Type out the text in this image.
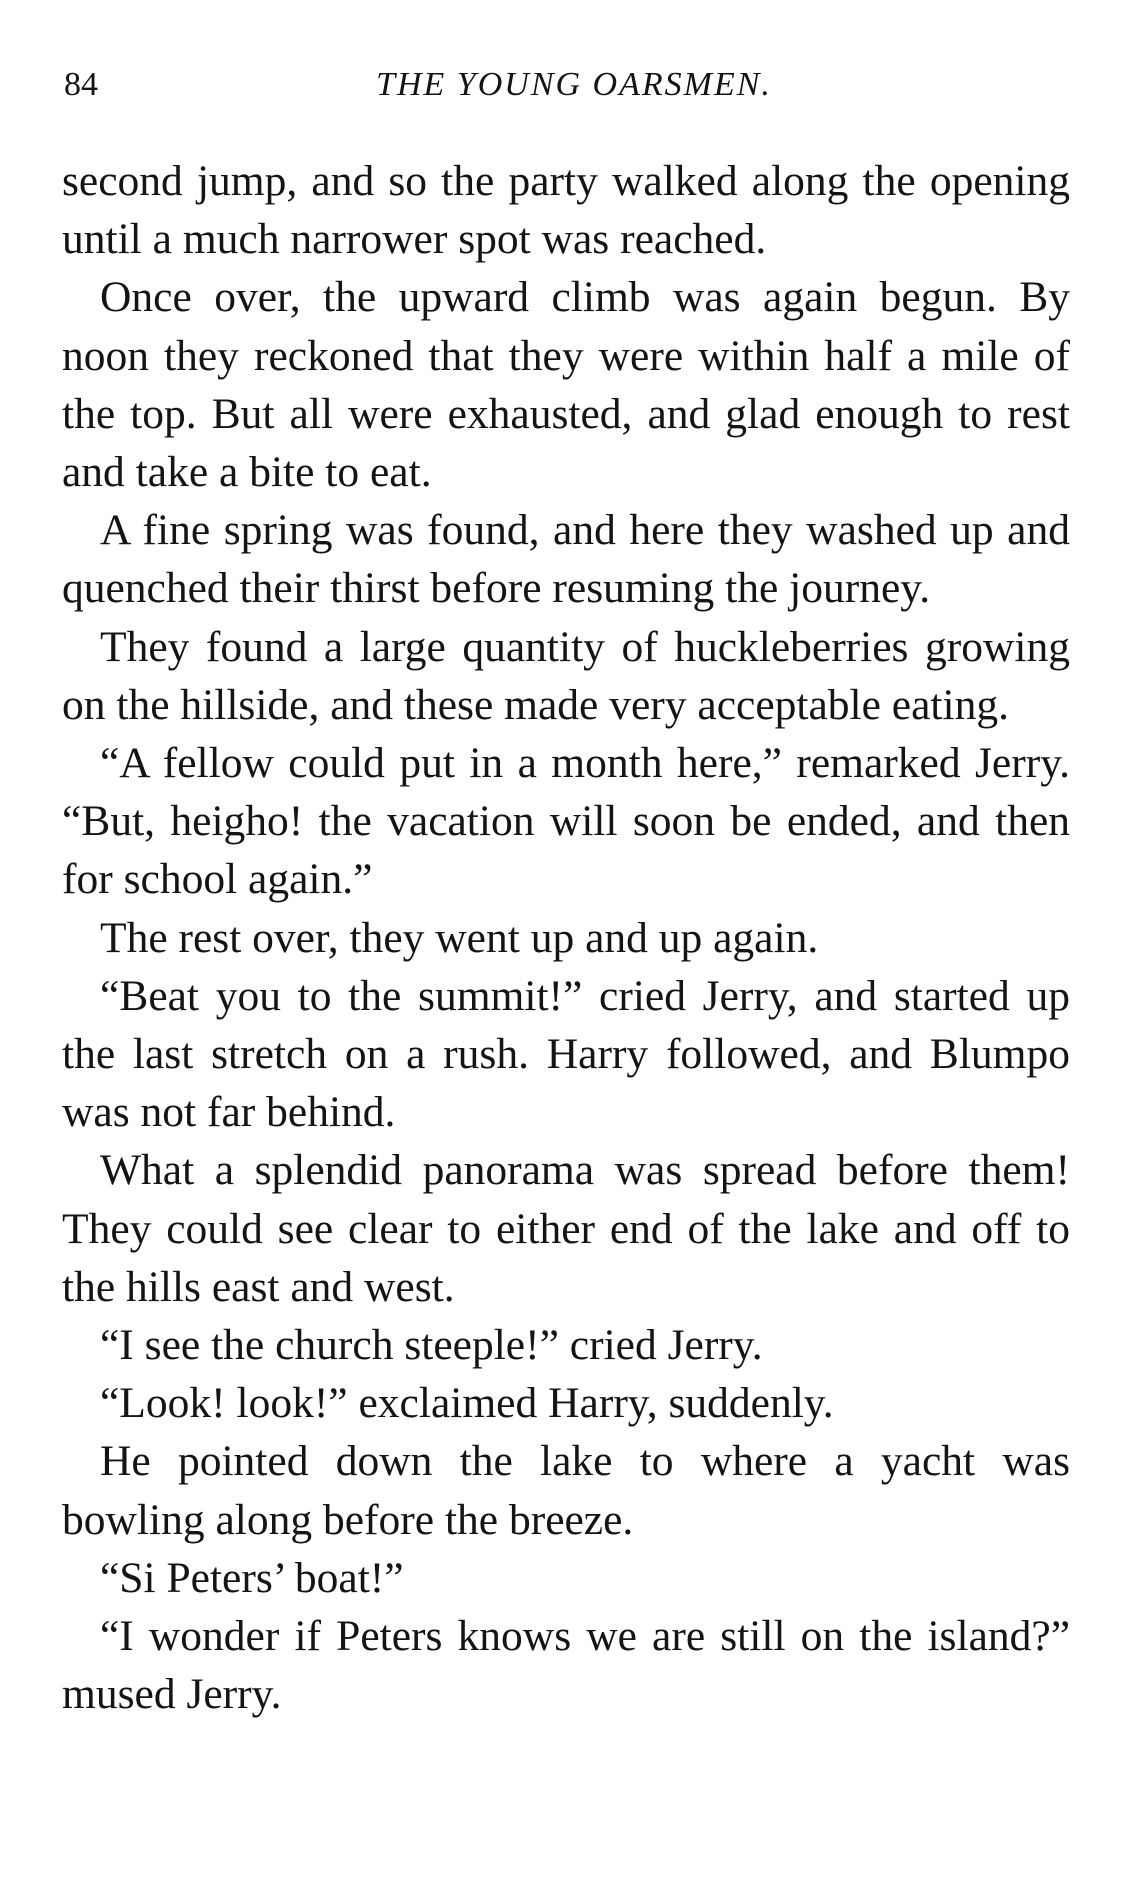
84	THE YOUNG OARSMEN.

second jump, and so the party walked along the opening until a much narrower spot was reached.

Once over, the upward climb was again begun. By noon they reckoned that they were within half a mile of the top. But all were exhausted, and glad enough to rest and take a bite to eat.

A fine spring was found, and here they washed up and quenched their thirst before resuming the journey.

They found a large quantity of huckleberries growing on the hillside, and these made very acceptable eating.

“A fellow could put in a month here,” remarked Jerry. “But, heigho! the vacation will soon be ended, and then for school again.”

The rest over, they went up and up again.

“Beat you to the summit!” cried Jerry, and started up the last stretch on a rush. Harry followed, and Blumpo was not far behind.

What a splendid panorama was spread before them! They could see clear to either end of the lake and off to the hills east and west.

“I see the church steeple!” cried Jerry.

“Look! look!” exclaimed Harry, suddenly.

He pointed down the lake to where a yacht was bowling along before the breeze.

“Si Peters’ boat!”

“I wonder if Peters knows we are still on the island?” mused Jerry.
